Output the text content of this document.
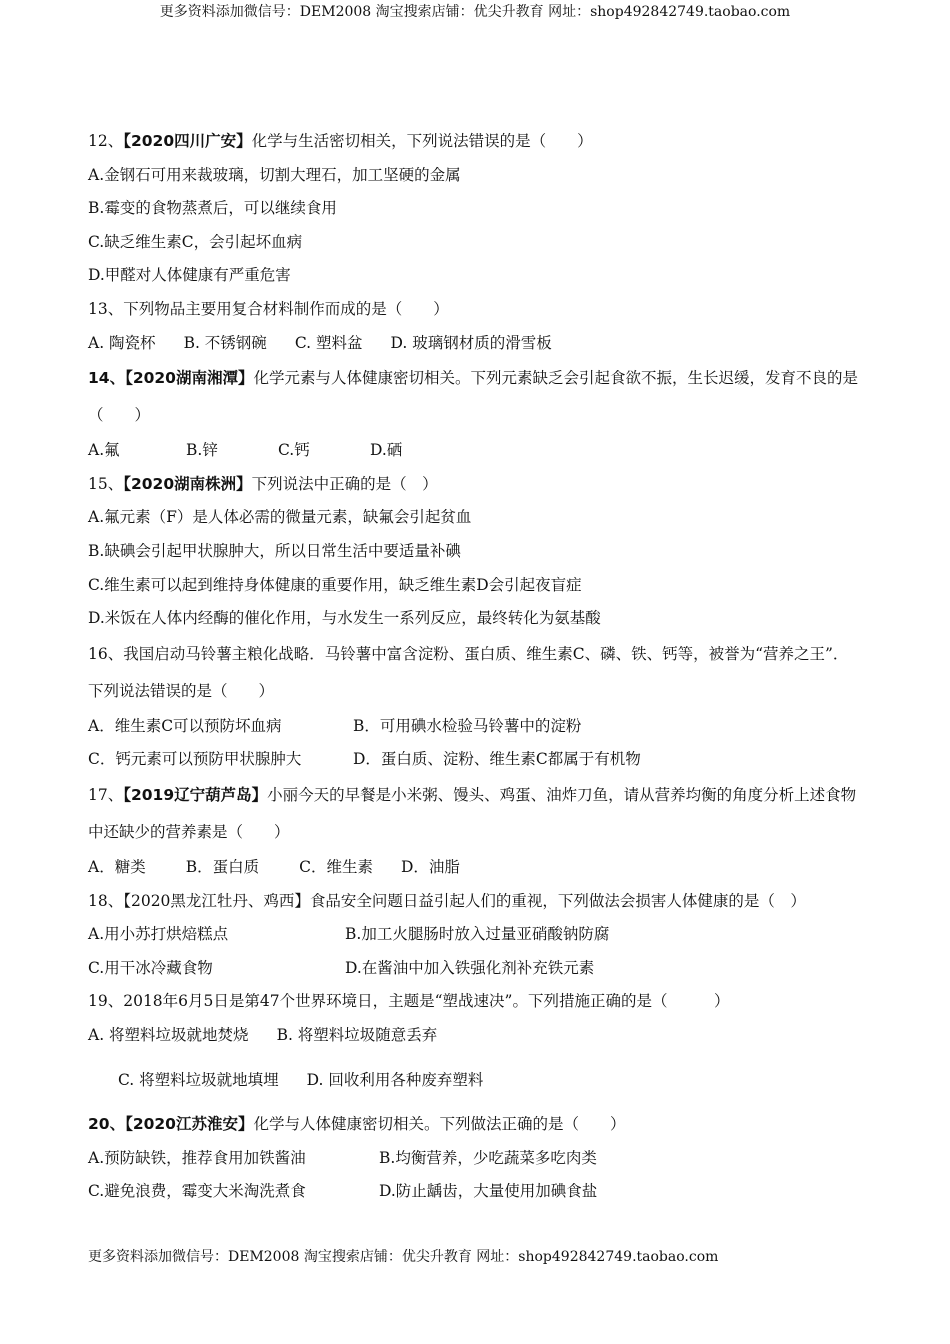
更多资料添加微信号：DEM2008 淘宝搜索店铺：优尖升教育 网址：shop492842749.taobao.com
12、【2020四川广安】化学与生活密切相关，下列说法错误的是（　　）
A.金钢石可用来裁玻璃，切割大理石，加工坚硬的金属
B.霉变的食物蒸煮后，可以继续食用
C.缺乏维生素C，会引起坏血病
D.甲醛对人体健康有严重危害
13、下列物品主要用复合材料制作而成的是（　　）
A. 陶瓷杯 B. 不锈钢碗 C. 塑料盆 D. 玻璃钢材质的滑雪板
14、【2020湖南湘潭】化学元素与人体健康密切相关。下列元素缺乏会引起食欲不振，生长迟缓，发育不良的是（　　）
A.氟	B.锌	C.钙	D.硒
15、【2020湖南株洲】下列说法中正确的是（　）
A.氟元素（F）是人体必需的微量元素，缺氟会引起贫血
B.缺碘会引起甲状腺肿大，所以日常生活中要适量补碘
C.维生素可以起到维持身体健康的重要作用，缺乏维生素D会引起夜盲症
D.米饭在人体内经酶的催化作用，与水发生一系列反应，最终转化为氨基酸
16、我国启动马铃薯主粮化战略．马铃薯中富含淀粉、蛋白质、维生素C、磷、铁、钙等，被誉为“营养之王”．下列说法错误的是（　　）
A．维生素C可以预防坏血病	B．可用碘水检验马铃薯中的淀粉
C．钙元素可以预防甲状腺肿大	D．蛋白质、淀粉、维生素C都属于有机物
17、【2019辽宁葫芦岛】小丽今天的早餐是小米粥、馒头、鸡蛋、油炸刀鱼，请从营养均衡的角度分析上述食物中还缺少的营养素是（　　）
A．糖类	B．蛋白质	C．维生素 D．油脂
18、【2020黑龙江牡丹、鸡西】食品安全问题日益引起人们的重视，下列做法会损害人体健康的是（　）
A.用小苏打烘焙糕点	B.加工火腿肠时放入过量亚硝酸钠防腐
C.用干冰冷藏食物	D.在酱油中加入铁强化剂补充铁元素
19、2018年6月5日是第47个世界环境日，主题是“塑战速决”。下列措施正确的是（　　　）
A. 将塑料垃圾就地焚烧 B. 将塑料垃圾随意丢弃
C. 将塑料垃圾就地填埋 D. 回收利用各种废弃塑料
20、【2020江苏淮安】化学与人体健康密切相关。下列做法正确的是（　　）
A.预防缺铁，推荐食用加铁酱油	B.均衡营养，少吃蔬菜多吃肉类
C.避免浪费，霉变大米淘洗煮食	D.防止龋齿，大量使用加碘食盐
更多资料添加微信号：DEM2008 淘宝搜索店铺：优尖升教育 网址：shop492842749.taobao.com
